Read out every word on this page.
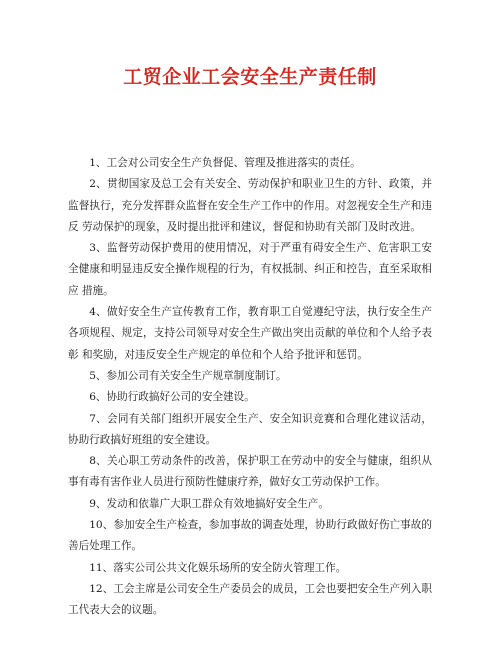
工贸企业工会安全生产责任制

1、工会对公司安全生产负督促、管理及推进落实的责任。

2、贯彻国家及总工会有关安全、劳动保护和职业卫生的方针、政策，并 监督执行，充分发挥群众监督在安全生产工作中的作用。对忽视安全生产和违反 劳动保护的现象，及时提出批评和建议，督促和协助有关部门及时改进。

3、监督劳动保护费用的使用情况，对于严重有碍安全生产、危害职工安 全健康和明显违反安全操作规程的行为，有权抵制、纠正和控告，直至采取相应 措施。

4、做好安全生产宣传教育工作，教育职工自觉遵纪守法，执行安全生产 各项规程、规定，支持公司领导对安全生产做出突出贡献的单位和个人给予表彰 和奖励，对违反安全生产规定的单位和个人给予批评和惩罚。

5、参加公司有关安全生产规章制度制订。

6、协助行政搞好公司的安全建设。

7、会同有关部门组织开展安全生产、安全知识竞赛和合理化建议活动， 协助行政搞好班组的安全建设。

8、关心职工劳动条件的改善，保护职工在劳动中的安全与健康，组织从 事有毒有害作业人员进行预防性健康疗养，做好女工劳动保护工作。

9、发动和依靠广大职工群众有效地搞好安全生产。

10、参加安全生产检查，参加事故的调查处理，协助行政做好伤亡事故的 善后处理工作。

11、落实公司公共文化娱乐场所的安全防火管理工作。

12、工会主席是公司安全生产委员会的成员，工会也要把安全生产列入职 工代表大会的议题。
